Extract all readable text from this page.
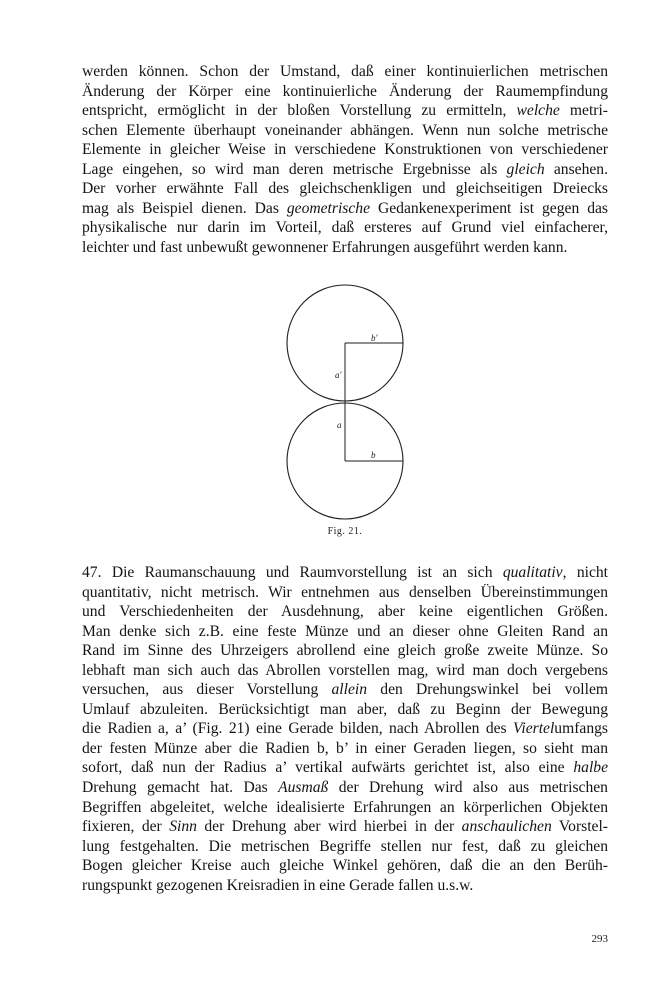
werden können. Schon der Umstand, daß einer kontinuierlichen metrischen
Änderung der Körper eine kontinuierliche Änderung der Raumempfindung
entspricht, ermöglicht in der bloßen Vorstellung zu ermitteln, welche metri-
schen Elemente überhaupt voneinander abhängen. Wenn nun solche metrische
Elemente in gleicher Weise in verschiedene Konstruktionen von verschiedener
Lage eingehen, so wird man deren metrische Ergebnisse als gleich ansehen.
Der vorher erwähnte Fall des gleichschenkligen und gleichseitigen Dreiecks
mag als Beispiel dienen. Das geometrische Gedankenexperiment ist gegen das
physikalische nur darin im Vorteil, daß ersteres auf Grund viel einfacherer,
leichter und fast unbewußt gewonnener Erfahrungen ausgeführt werden kann.
b'
a'
a
b
Fig. 21.
47. Die Raumanschauung und Raumvorstellung ist an sich qualitativ, nicht
quantitativ, nicht metrisch. Wir entnehmen aus denselben Übereinstimmungen
und Verschiedenheiten der Ausdehnung, aber keine eigentlichen Größen.
Man denke sich z.B. eine feste Münze und an dieser ohne Gleiten Rand an
Rand im Sinne des Uhrzeigers abrollend eine gleich große zweite Münze. So
lebhaft man sich auch das Abrollen vorstellen mag, wird man doch vergebens
versuchen, aus dieser Vorstellung allein den Drehungswinkel bei vollem
Umlauf abzuleiten. Berücksichtigt man aber, daß zu Beginn der Bewegung
die Radien a, a’ (Fig. 21) eine Gerade bilden, nach Abrollen des Viertelumfangs
der festen Münze aber die Radien b, b’ in einer Geraden liegen, so sieht man
sofort, daß nun der Radius a’ vertikal aufwärts gerichtet ist, also eine halbe
Drehung gemacht hat. Das Ausmaß der Drehung wird also aus metrischen
Begriffen abgeleitet, welche idealisierte Erfahrungen an körperlichen Objekten
fixieren, der Sinn der Drehung aber wird hierbei in der anschaulichen Vorstel-
lung festgehalten. Die metrischen Begriffe stellen nur fest, daß zu gleichen
Bogen gleicher Kreise auch gleiche Winkel gehören, daß die an den Berüh-
rungspunkt gezogenen Kreisradien in eine Gerade fallen u.s.w.
293
